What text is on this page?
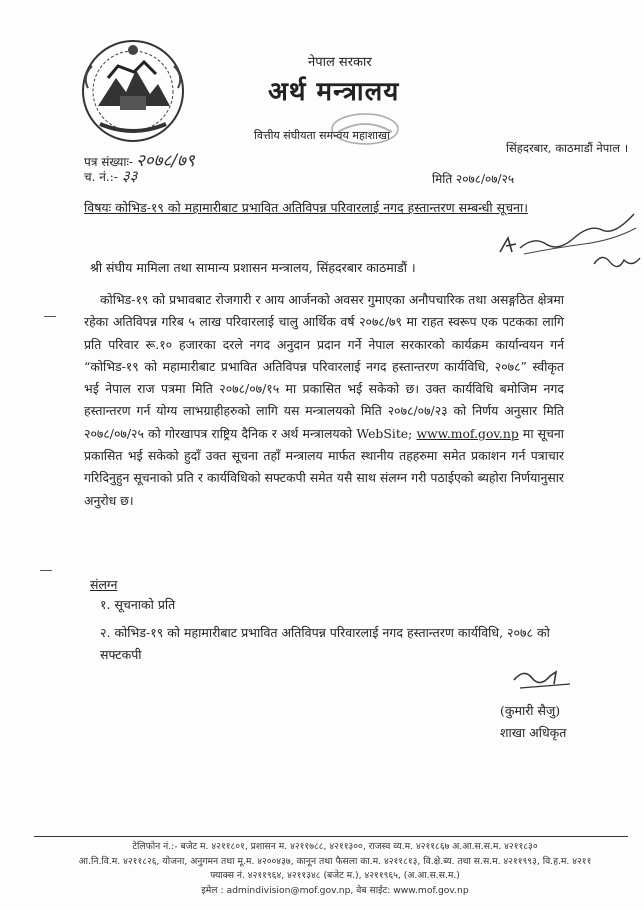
नेपाल सरकार
अर्थ मन्त्रालय
वित्तीय संघीयता समन्वय महाशाखा
सिंहदरबार, काठमाडौं नेपाल ।
पत्र संख्याः- २०७८/७९
च. नं.:- ३३	मिति २०७८/०७/२५
विषयः कोभिड-१९ को महामारीबाट प्रभावित अतिविपन्न परिवारलाई नगद हस्तान्तरण सम्बन्धी सूचना।
श्री संघीय मामिला तथा सामान्य प्रशासन मन्त्रालय, सिंहदरबार काठमाडौं ।
कोभिड-१९ को प्रभावबाट रोजगारी र आय आर्जनको अवसर गुमाएका अनौपचारिक तथा असङ्गठित क्षेत्रमा रहेका अतिविपन्न गरिब ५ लाख परिवारलाई चालु आर्थिक वर्ष २०७८/७९ मा राहत स्वरूप एक पटकका लागि प्रति परिवार रू.१० हजारका दरले नगद अनुदान प्रदान गर्ने नेपाल सरकारको कार्यक्रम कार्यान्वयन गर्न “कोभिड-१९ को महामारीबाट प्रभावित अतिविपन्न परिवारलाई नगद हस्तान्तरण कार्यविधि, २०७८” स्वीकृत भई नेपाल राज पत्रमा मिति २०७८/०७/१५ मा प्रकासित भई सकेको छ। उक्त कार्यविधि बमोजिम नगद हस्तान्तरण गर्न योग्य लाभग्राहीहरुको लागि यस मन्त्रालयको मिति २०७८/०७/२३ को निर्णय अनुसार मिति २०७८/०७/२५ को गोरखापत्र राष्ट्रिय दैनिक र अर्थ मन्त्रालयको WebSite; www.mof.gov.np मा सूचना प्रकासित भई सकेको हुदाँ उक्त सूचना तहाँ मन्त्रालय मार्फत स्थानीय तहहरुमा समेत प्रकाशन गर्न पत्राचार गरिदिनुहुन सूचनाको प्रति र कार्यविधिको सफ्टकपी समेत यसै साथ संलग्न गरी पठाईएको ब्यहोरा निर्णयानुसार अनुरोध छ।
संलग्न
१. सूचनाको प्रति
२. कोभिड-१९ को महामारीबाट प्रभावित अतिविपन्न परिवारलाई नगद हस्तान्तरण कार्यविधि, २०७८ को सफ्टकपी
(कुमारी सैजु)
शाखा अधिकृत
टेलिफोन नं.:- बजेट म. ४२११८०१, प्रशासन म. ४२११७८८, ४२११३००, राजस्व व्य.म. ४२११८६७ अ.आ.स.स.म. ४२११८३०
आ.नि.वि.म. ४२११८२६, योजना, अनुगमन तथा मू.म. ४२००४३७, कानून तथा फैसला का.म. ४२११८१३, वि.क्षे.ब्य. तथा स.स.म. ४२११९९३, वि.ह.म. ४२११
फ्याक्स नं. ४२११९६४, ४२११३४८ (बजेट म.), ४२११९६५, (अ.आ.स.स.म.)
इमेल : admindivision@mof.gov.np, वेब साईट: www.mof.gov.np
